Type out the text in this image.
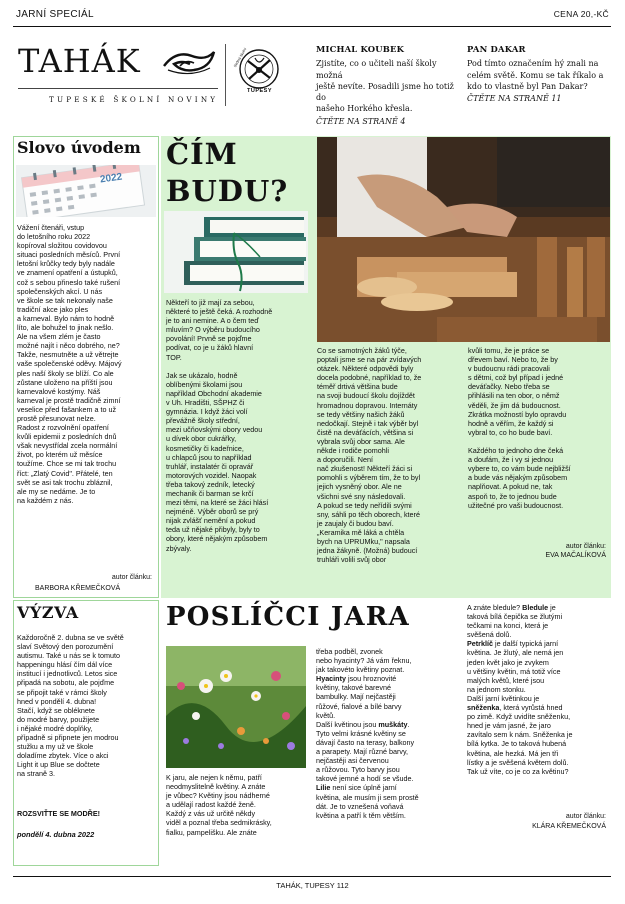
JARNÍ SPECIÁL	CENA 20,-KČ
TAHÁK
TUPESKÉ ŠKOLNÍ NOVINY
Sedmý školní
TUPESY
MICHAL KOUBEK
Zjistíte, co o učiteli naší školy možná
ještě nevíte. Posadili jsme ho totiž do
našeho Horkého křesla.
ČTĚTE NA STRANĚ 4
PAN DAKAR
Pod tímto označením hý znali na
celém světě. Komu se tak říkalo a
kdo to vlastně byl Pan Dakar?
ČTĚTE NA STRANĚ 11
Slovo úvodem
2022
Vážení čtenáři, vstup
do letošního roku 2022
kopíroval složitou covidovou
situaci posledních měsíců. První
letošní krůčky tedy byly nadále
ve znamení opatření a ústupků,
což s sebou přineslo také rušení
společenských akcí. U nás
ve škole se tak nekonaly naše
tradiční akce jako ples
a karneval. Bylo nám to hodně
líto, ale bohužel to jinak nešlo.
Ale na všem zlém je často
možné najít i něco dobrého, ne?
Takže, nesmutněte a už větrejte
vaše společenské oděvy. Májový
ples naší školy se blíží. Co ale
zůstane uloženo na příští jsou
karnevalové kostýmy. Náš
karneval je prostě tradičně zimní
veselice před fašankem a to už
prostě přesunovat nelze.
Radost z rozvolnění opatření
kvůli epidemii z posledních dnů
však nevystřídal zcela normální
život, po kterém už měsíce
toužíme. Chce se mi tak trochu
říct: „Zlatý Covid". Přátelé, ten
svět se asi tak trochu zbláznil,
ale my se nedáme. Je to
na každém z nás.
autor článku:
BARBORA KŘEMEČKOVÁ
ČÍM
BUDU?
Někteří to již mají za sebou,
některé to ještě čeká. A rozhodně
je to ani nemine. A o čem teď
mluvím? O výběru budoucího
povolání! Prvně se pojďme
podívat, co je u žáků hlavní
TOP.

Jak se ukázalo, hodně
oblíbenými školami jsou
například Obchodní akademie
v Uh. Hradišti, SŠPHZ či
gymnázia. I když žáci volí
převážně školy střední,
mezi učňovskými obory vedou
u dívek obor cukrářky,
kosmetičky či kadeřnice,
u chlapců jsou to například
truhlář, instalatér či opravář
motorových vozidel. Naopak
třeba takový zedník, letecký
mechanik či barman se krčí
mezi těmi, na které se žáci hlásí
nejméně. Výběr oborů se prý
nijak zvlášť nemění a pokud
teda už nějaké přibyly, byly to
obory, které nějakým způsobem
zbývaly.
Co se samotných žáků týče,
poptali jsme se na pár zvídavých
otázek. Některé odpovědi byly
docela podobné, například to, že
téměř drtivá většina bude
na svoji budoucí školu dojíždět
hromadnou dopravou. Internáty
se tedy většiny našich žáků
nedočkají. Stejně i tak výběr byl
čistě na deváťácích, většina si
vybrala svůj obor sama. Ale
někde i rodiče pomohli
a doporučili. Není
nač zkušenost! Někteří žáci si
pomohli s výběrem tím, že to byl
jejich vysněný obor. Ale ne
všichni své sny následovali.
A pokud se tedy neřídili svými
sny, sáhli po těch oborech, které
je zaujaly či budou baví.
„Keramika mě láká a chtěla
bych na UPRUMku," napsala
jedna žákyně. (Možná) budoucí
truhláři volili svůj obor
kvůli tomu, že je práce se
dřevem baví. Nebo to, že by
v budoucnu rádi pracovali
s dětmi, což byl případ i jedné
deváťačky. Nebo třeba se
přihlásili na ten obor, o němž
věděli, že jim dá budoucnost.
Zkrátka možností bylo opravdu
hodně a věřím, že každý si
vybral to, co ho bude baví.

Každého to jednoho dne čeká
a doufám, že i vy si jednou
vybere to, co vám bude nejbližší
a bude vás nějakým způsobem
naplňovat. A pokud ne, tak
aspoň to, že to jednou bude
užitečné pro vaši budoucnost.
autor článku:
EVA MAČALÍKOVÁ
VÝZVA
Každoročně 2. dubna se ve světě
slaví Světový den porozumění
autismu. Také u nás se k tomuto
happeningu hlásí čím dál více
institucí i jednotlivců. Letos sice
připadá na sobotu, ale pojďme
se připojit také v rámci školy
hned v pondělí 4. dubna!
Stačí, když se obléknete
do modré barvy, použijete
i nějaké modré doplňky,
případně si připnete jen modrou
stužku a my už ve škole
doladíme zbytek. Více o akci
Light it up Blue se dočtete
na straně 3.
ROZSVIŤTE SE MODŘE!
pondělí 4. dubna 2022
POSLÍČCI JARA
K jaru, ale nejen k němu, patří
neodmyslitelně květiny. A znáte
je vůbec? Květiny jsou nádherné
a udělají radost každé ženě.
Každý z vás už určitě někdy
viděl a poznal třeba sedmikrásky,
fialku, pampelišku. Ale znáte
třeba podběl, zvonek
nebo hyacinty? Já vám řeknu,
jak takovéto květiny poznat.
Hyacinty jsou hroznovité
květiny, takové barevné
bambulky. Mají nejčastěji
růžové, fialové a bílé barvy
květů.
Další květinou jsou muškáty.
Tyto velmi krásné květiny se
dávají často na terasy, balkony
a parapety. Mají různé barvy,
nejčastěji asi červenou
a růžovou. Tyto barvy jsou
takové jemné a hodí se všude.
Lilie není sice úplně jarní
květina, ale musím ji sem prostě
dát. Je to vznešená voňavá
květina a patří k těm větším.
A znáte bledule? Bledule je
taková bílá čepička se žlutými
tečkami na konci, která je
svěšená dolů.
Petrklíč je další typická jarní
květina. Je žlutý, ale nemá jen
jeden květ jako je zvykem
u většiny květin, má totiž více
malých květů, které jsou
na jednom stonku.
Další jarní květinkou je
sněženka, která vyrůstá hned
po zimě. Když uvidíte sněženku,
hned je vám jasné, že jaro
zavítalo sem k nám. Sněženka je
bílá kytka. Je to taková hubená
květina, ale hezká. Má jen tři
lístky a je svěšená květem dolů.
Tak už víte, co je co za květinu?
autor článku:
KLÁRA KŘEMEČKOVÁ
TAHÁK, TUPESY 112
